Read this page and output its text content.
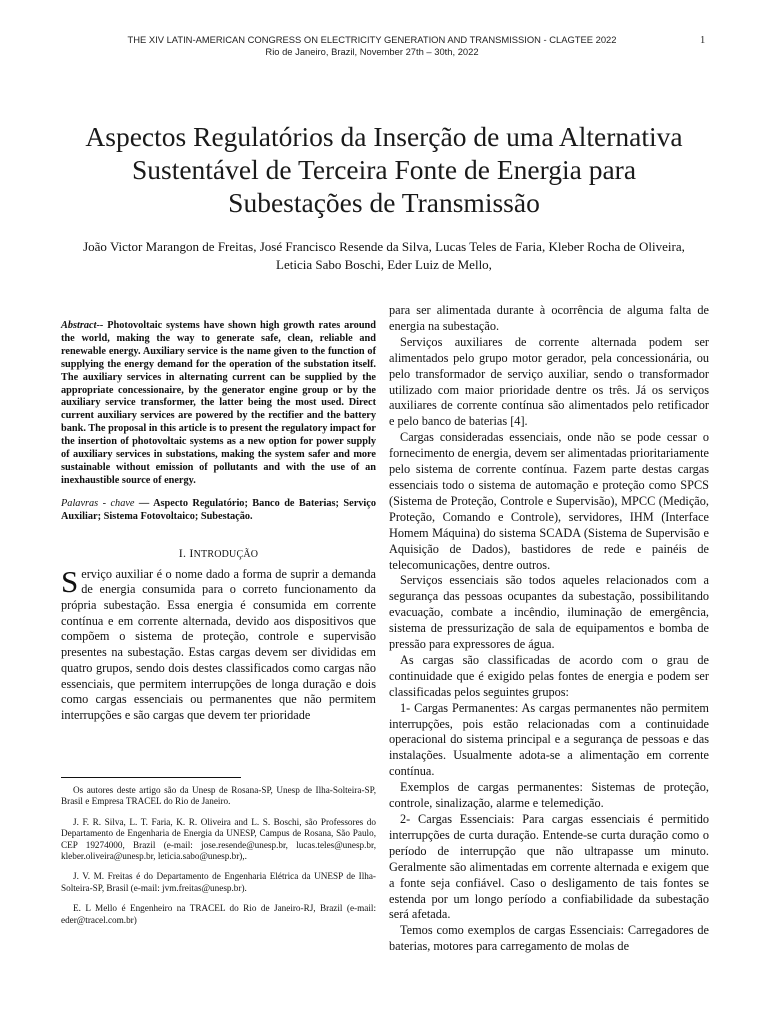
THE XIV LATIN-AMERICAN CONGRESS ON ELECTRICITY GENERATION AND TRANSMISSION - CLAGTEE 2022
Rio de Janeiro, Brazil, November 27th – 30th, 2022
1
Aspectos Regulatórios da Inserção de uma Alternativa Sustentável de Terceira Fonte de Energia para Subestações de Transmissão
João Victor Marangon de Freitas, José Francisco Resende da Silva, Lucas Teles de Faria, Kleber Rocha de Oliveira, Leticia Sabo Boschi, Eder Luiz de Mello,

Abstract-- Photovoltaic systems have shown high growth rates around the world, making the way to generate safe, clean, reliable and renewable energy. Auxiliary service is the name given to the function of supplying the energy demand for the operation of the substation itself. The auxiliary services in alternating current can be supplied by the appropriate concessionaire, by the generator engine group or by the auxiliary service transformer, the latter being the most used. Direct current auxiliary services are powered by the rectifier and the battery bank. The proposal in this article is to present the regulatory impact for the insertion of photovoltaic systems as a new option for power supply of auxiliary services in substations, making the system safer and more sustainable without emission of pollutants and with the use of an inexhaustible source of energy.

Palavras - chave — Aspecto Regulatório; Banco de Baterias; Serviço Auxiliar; Sistema Fotovoltaico; Subestação.

I. INTRODUÇÃO

Serviço auxiliar é o nome dado a forma de suprir a demanda de energia consumida para o correto funcionamento da própria subestação. Essa energia é consumida em corrente contínua e em corrente alternada, devido aos dispositivos que compõem o sistema de proteção, controle e supervisão presentes na subestação. Estas cargas devem ser divididas em quatro grupos, sendo dois destes classificados como cargas não essenciais, que permitem interrupções de longa duração e dois como cargas essenciais ou permanentes que não permitem interrupções e são cargas que devem ter prioridade

Os autores deste artigo são da Unesp de Rosana-SP, Unesp de Ilha-Solteira-SP, Brasil e Empresa TRACEL do Rio de Janeiro.

J. F. R. Silva, L. T. Faria, K. R. Oliveira and L. S. Boschi, são Professores do Departamento de Engenharia de Energia da UNESP, Campus de Rosana, São Paulo, CEP 19274000, Brazil (e-mail: jose.resende@unesp.br, lucas.teles@unesp.br, kleber.oliveira@unesp.br, leticia.sabo@unesp.br),.

J. V. M. Freitas é do Departamento de Engenharia Elétrica da UNESP de Ilha-Solteira-SP, Brasil (e-mail: jvm.freitas@unesp.br).

E. L Mello é Engenheiro na TRACEL do Rio de Janeiro-RJ, Brazil (e-mail: eder@tracel.com.br)

para ser alimentada durante à ocorrência de alguma falta de energia na subestação.

Serviços auxiliares de corrente alternada podem ser alimentados pelo grupo motor gerador, pela concessionária, ou pelo transformador de serviço auxiliar, sendo o transformador utilizado com maior prioridade dentre os três. Já os serviços auxiliares de corrente contínua são alimentados pelo retificador e pelo banco de baterias [4].

Cargas consideradas essenciais, onde não se pode cessar o fornecimento de energia, devem ser alimentadas prioritariamente pelo sistema de corrente contínua. Fazem parte destas cargas essenciais todo o sistema de automação e proteção como SPCS (Sistema de Proteção, Controle e Supervisão), MPCC (Medição, Proteção, Comando e Controle), servidores, IHM (Interface Homem Máquina) do sistema SCADA (Sistema de Supervisão e Aquisição de Dados), bastidores de rede e painéis de telecomunicações, dentre outros.

Serviços essenciais são todos aqueles relacionados com a segurança das pessoas ocupantes da subestação, possibilitando evacuação, combate a incêndio, iluminação de emergência, sistema de pressurização de sala de equipamentos e bomba de pressão para expressores de água.

As cargas são classificadas de acordo com o grau de continuidade que é exigido pelas fontes de energia e podem ser classificadas pelos seguintes grupos:

1- Cargas Permanentes: As cargas permanentes não permitem interrupções, pois estão relacionadas com a continuidade operacional do sistema principal e a segurança de pessoas e das instalações. Usualmente adota-se a alimentação em corrente contínua.

Exemplos de cargas permanentes: Sistemas de proteção, controle, sinalização, alarme e telemedição.

2- Cargas Essenciais: Para cargas essenciais é permitido interrupções de curta duração. Entende-se curta duração como o período de interrupção que não ultrapasse um minuto. Geralmente são alimentadas em corrente alternada e exigem que a fonte seja confiável. Caso o desligamento de tais fontes se estenda por um longo período a confiabilidade da subestação será afetada.

Temos como exemplos de cargas Essenciais: Carregadores de baterias, motores para carregamento de molas de
